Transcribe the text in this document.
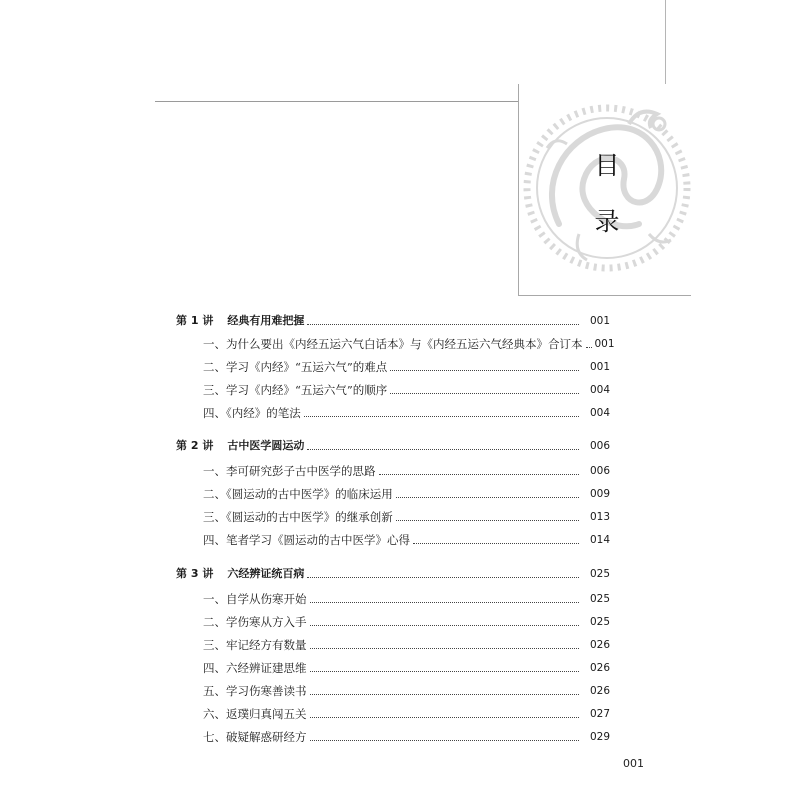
目
录
第 1 讲 经典有用难把握	001
一、为什么要出《内经五运六气白话本》与《内经五运六气经典本》合订本 001
二、学习《内经》“五运六气”的难点	001
三、学习《内经》“五运六气”的顺序	004
四、《内经》的笔法	004
第 2 讲 古中医学圆运动	006
一、李可研究彭子古中医学的思路	006
二、《圆运动的古中医学》的临床运用	009
三、《圆运动的古中医学》的继承创新	013
四、笔者学习《圆运动的古中医学》心得	014
第 3 讲 六经辨证统百病	025
一、自学从伤寒开始	025
二、学伤寒从方入手	025
三、牢记经方有数量	026
四、六经辨证建思维	026
五、学习伤寒善读书	026
六、返璞归真闯五关	027
七、破疑解惑研经方	029
001
